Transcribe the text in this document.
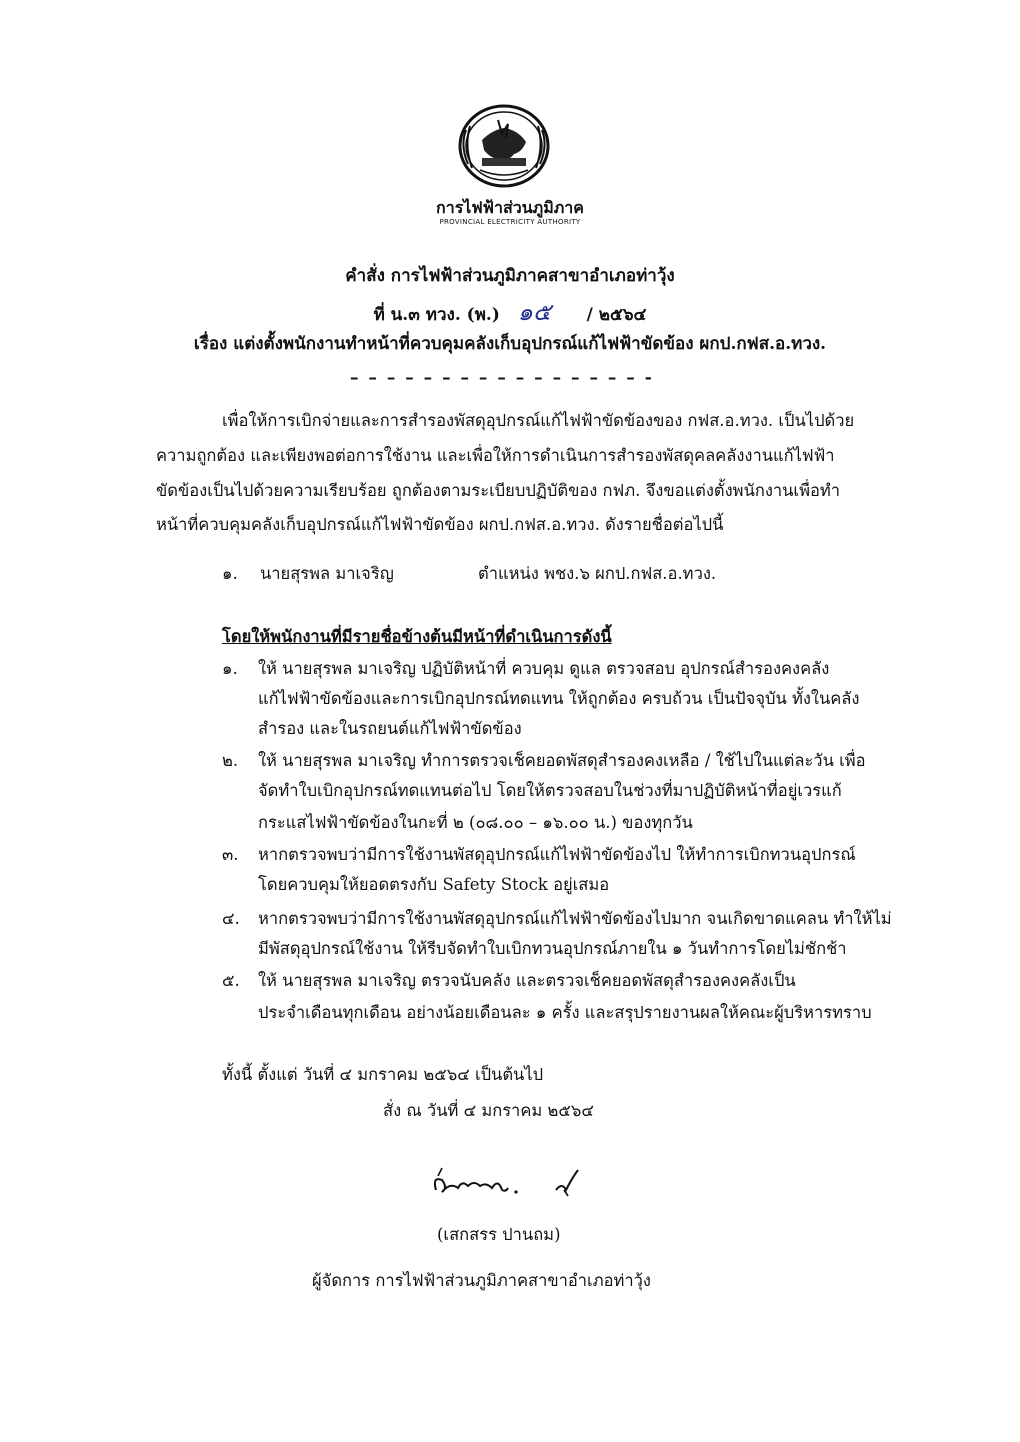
การไฟฟ้าส่วนภูมิภาค
PROVINCIAL ELECTRICITY AUTHORITY
คำสั่ง การไฟฟ้าส่วนภูมิภาคสาขาอำเภอท่าวุ้ง
ที่ น.๓ ทวง. (พ.) ๑๕ / ๒๕๖๔
เรื่อง แต่งตั้งพนักงานทำหน้าที่ควบคุมคลังเก็บอุปกรณ์แก้ไฟฟ้าขัดข้อง ผกป.กฟส.อ.ทวง.
– – – – – – – – – – – – – – – – -
เพื่อให้การเบิกจ่ายและการสำรองพัสดุอุปกรณ์แก้ไฟฟ้าขัดข้องของ กฟส.อ.ทวง. เป็นไปด้วย
ความถูกต้อง และเพียงพอต่อการใช้งาน และเพื่อให้การดำเนินการสำรองพัสดุคลคลังงานแก้ไฟฟ้า
ขัดข้องเป็นไปด้วยความเรียบร้อย ถูกต้องตามระเบียบปฏิบัติของ กฟภ. จึงขอแต่งตั้งพนักงานเพื่อทำ
หน้าที่ควบคุมคลังเก็บอุปกรณ์แก้ไฟฟ้าขัดข้อง ผกป.กฟส.อ.ทวง. ดังรายชื่อต่อไปนี้
๑. นายสุรพล มาเจริญ	ตำแหน่ง พชง.๖ ผกป.กฟส.อ.ทวง.
โดยให้พนักงานที่มีรายชื่อข้างต้นมีหน้าที่ดำเนินการดังนี้
๑. ให้ นายสุรพล มาเจริญ ปฏิบัติหน้าที่ ควบคุม ดูแล ตรวจสอบ อุปกรณ์สำรองคงคลัง
แก้ไฟฟ้าขัดข้องและการเบิกอุปกรณ์ทดแทน ให้ถูกต้อง ครบถ้วน เป็นปัจจุบัน ทั้งในคลัง
สำรอง และในรถยนต์แก้ไฟฟ้าขัดข้อง
๒. ให้ นายสุรพล มาเจริญ ทำการตรวจเช็คยอดพัสดุสำรองคงเหลือ / ใช้ไปในแต่ละวัน เพื่อ
จัดทำใบเบิกอุปกรณ์ทดแทนต่อไป โดยให้ตรวจสอบในช่วงที่มาปฏิบัติหน้าที่อยู่เวรแก้
กระแสไฟฟ้าขัดข้องในกะที่ ๒ (๐๘.๐๐ – ๑๖.๐๐ น.) ของทุกวัน
๓. หากตรวจพบว่ามีการใช้งานพัสดุอุปกรณ์แก้ไฟฟ้าขัดข้องไป ให้ทำการเบิกทวนอุปกรณ์
โดยควบคุมให้ยอดตรงกับ Safety Stock อยู่เสมอ
๔. หากตรวจพบว่ามีการใช้งานพัสดุอุปกรณ์แก้ไฟฟ้าขัดข้องไปมาก จนเกิดขาดแคลน ทำให้ไม่
มีพัสดุอุปกรณ์ใช้งาน ให้รีบจัดทำใบเบิกทวนอุปกรณ์ภายใน ๑ วันทำการโดยไม่ชักช้า
๕. ให้ นายสุรพล มาเจริญ ตรวจนับคลัง และตรวจเช็คยอดพัสดุสำรองคงคลังเป็น
ประจำเดือนทุกเดือน อย่างน้อยเดือนละ ๑ ครั้ง และสรุปรายงานผลให้คณะผู้บริหารทราบ
ทั้งนี้ ตั้งแต่ วันที่ ๔ มกราคม ๒๕๖๔ เป็นต้นไป
สั่ง ณ วันที่ ๔ มกราคม ๒๕๖๔
(เสกสรร ปานถม)
ผู้จัดการ การไฟฟ้าส่วนภูมิภาคสาขาอำเภอท่าวุ้ง
